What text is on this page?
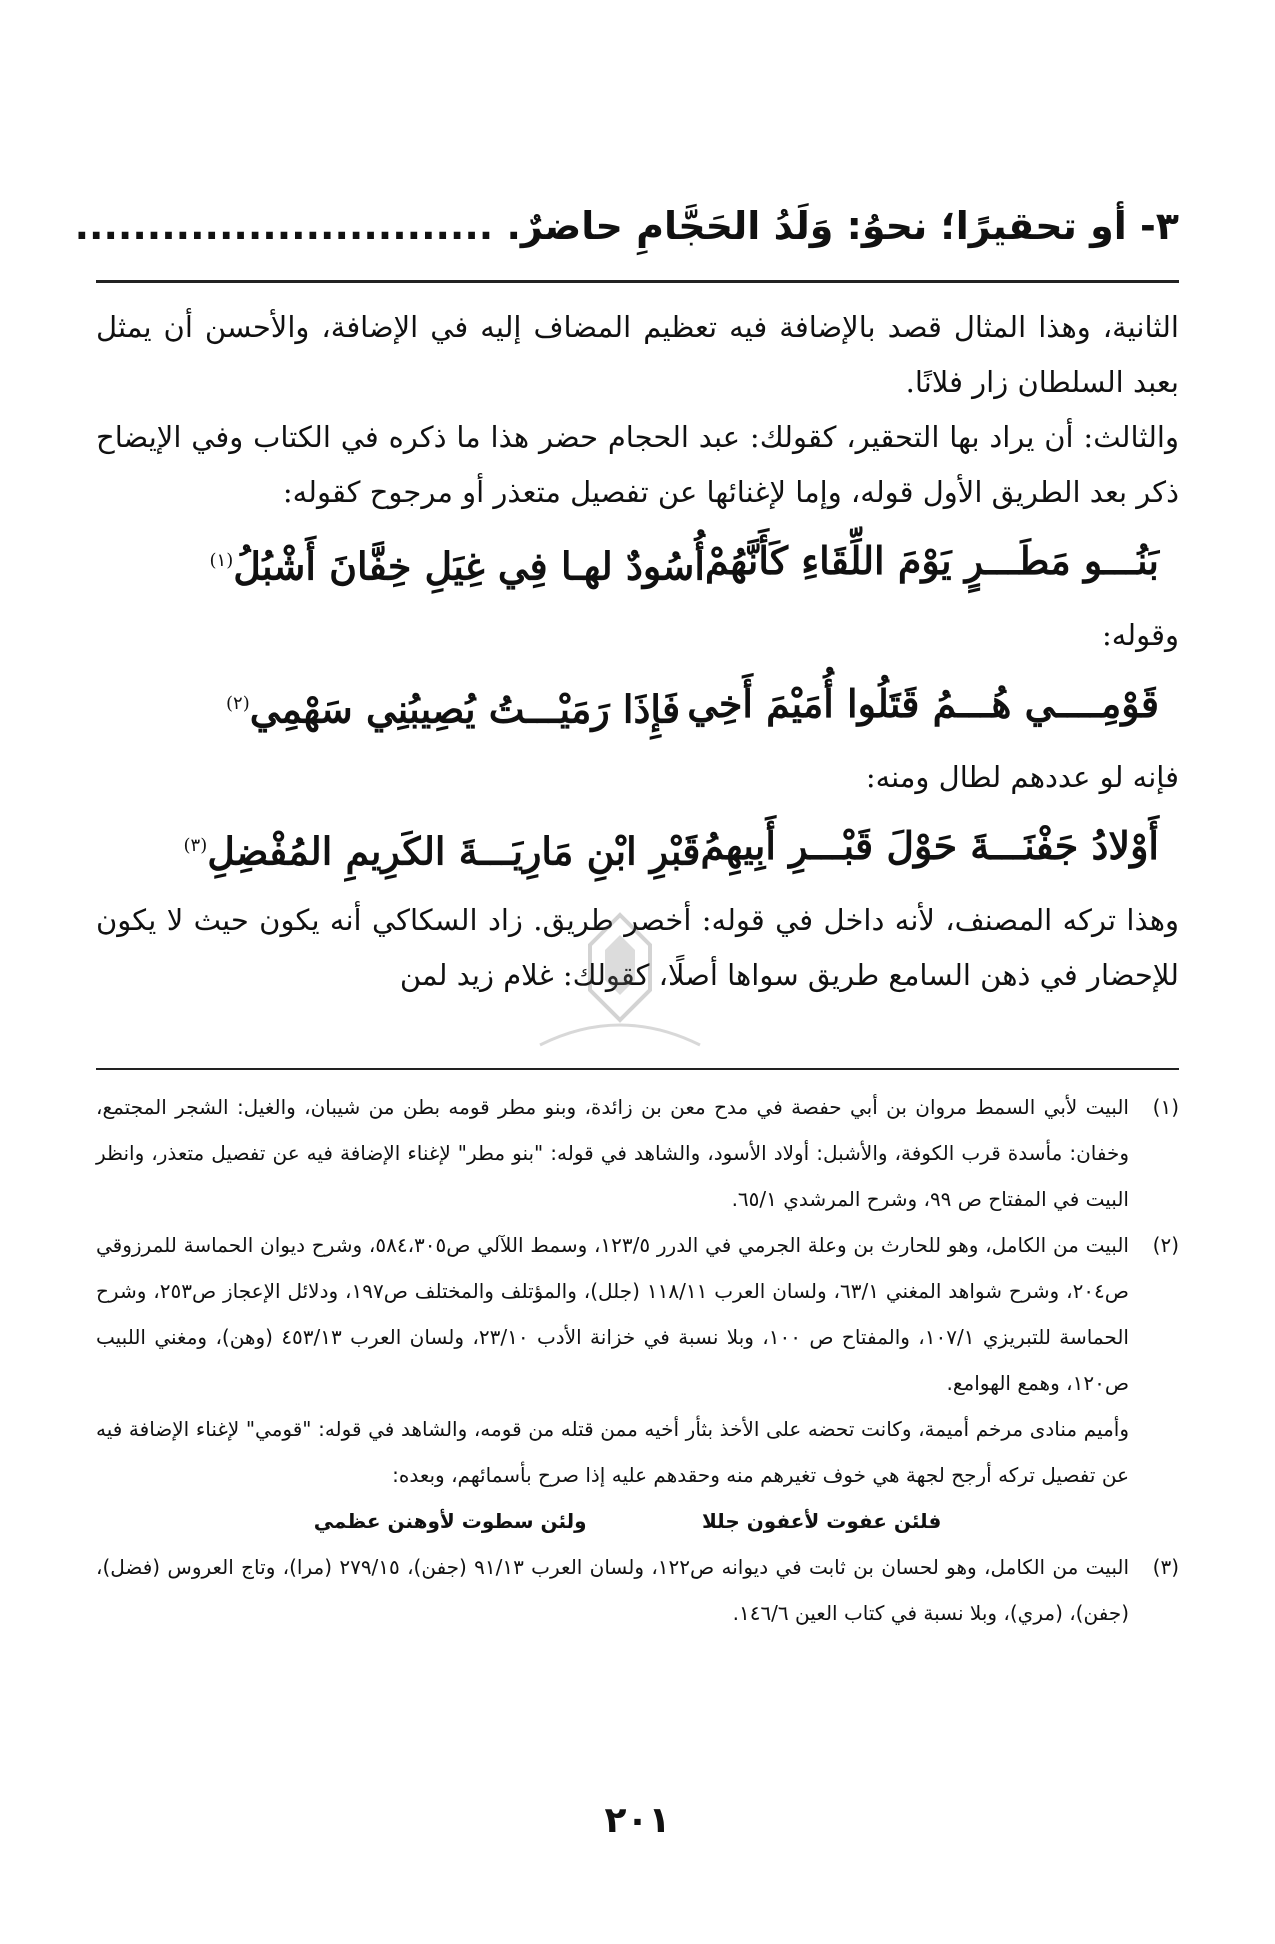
٣- أو تحقيرًا؛ نحوُ: وَلَدُ الحَجَّامِ حاضرٌ. .............................

الثانية، وهذا المثال قصد بالإضافة فيه تعظيم المضاف إليه في الإضافة، والأحسن أن يمثل بعبد السلطان زار فلانًا.

والثالث: أن يراد بها التحقير، كقولك: عبد الحجام حضر هذا ما ذكره في الكتاب وفي الإيضاح ذكر بعد الطريق الأول قوله، وإما لإغنائها عن تفصيل متعذر أو مرجوح كقوله:

بَنُـــو مَطَـــرٍ يَوْمَ اللِّقَاءِ كَأَنَّهُمْ
أُسُودٌ لهـا فِي غِيَلِ خِفَّانَ أَشْبُلُ$^{(١)}$

وقوله:

قَوْمِــــي هُـــمُ قَتَلُوا أُمَيْمَ أَخِي
فَإِذَا رَمَيْـــتُ يُصِيبُنِي سَهْمِي$^{(٢)}$

فإنه لو عددهم لطال ومنه:

أَوْلادُ جَفْنَـــةَ حَوْلَ قَبْـــرِ أَبِيهِمُ
قَبْرِ ابْنِ مَارِيَـــةَ الكَرِيمِ المُفْضِلِ$^{(٣)}$

وهذا تركه المصنف، لأنه داخل في قوله: أخصر طريق. زاد السكاكي أنه يكون حيث لا يكون للإحضار في ذهن السامع طريق سواها أصلًا، كقولك: غلام زيد لمن

(١)
البيت لأبي السمط مروان بن أبي حفصة في مدح معن بن زائدة، وبنو مطر قومه بطن من شيبان، والغيل: الشجر المجتمع، وخفان: مأسدة قرب الكوفة، والأشبل: أولاد الأسود، والشاهد في قوله: "بنو مطر" لإغناء الإضافة فيه عن تفصيل متعذر، وانظر البيت في المفتاح ص ٩٩، وشرح المرشدي ٦٥/١.
(٢)
البيت من الكامل، وهو للحارث بن وعلة الجرمي في الدرر ١٢٣/٥، وسمط اللآلي ص٥٨٤،٣٠٥، وشرح ديوان الحماسة للمرزوقي ص٢٠٤، وشرح شواهد المغني ٦٣/١، ولسان العرب ١١٨/١١ (جلل)، والمؤتلف والمختلف ص١٩٧، ودلائل الإعجاز ص٢٥٣، وشرح الحماسة للتبريزي ١٠٧/١، والمفتاح ص ١٠٠، وبلا نسبة في خزانة الأدب ٢٣/١٠، ولسان العرب ٤٥٣/١٣ (وهن)، ومغني اللبيب ص١٢٠، وهمع الهوامع.

وأميم منادى مرخم أميمة، وكانت تحضه على الأخذ بثأر أخيه ممن قتله من قومه، والشاهد في قوله: "قومي" لإغناء الإضافة فيه عن تفصيل تركه أرجح لجهة هي خوف تغيرهم منه وحقدهم عليه إذا صرح بأسمائهم، وبعده:

فلئن عفوت لأعفون جللا
ولئن سطوت لأوهنن عظمي
(٣)
البيت من الكامل، وهو لحسان بن ثابت في ديوانه ص١٢٢، ولسان العرب ٩١/١٣ (جفن)، ٢٧٩/١٥ (مرا)، وتاج العروس (فضل)، (جفن)، (مري)، وبلا نسبة في كتاب العين ١٤٦/٦.
٢٠١
